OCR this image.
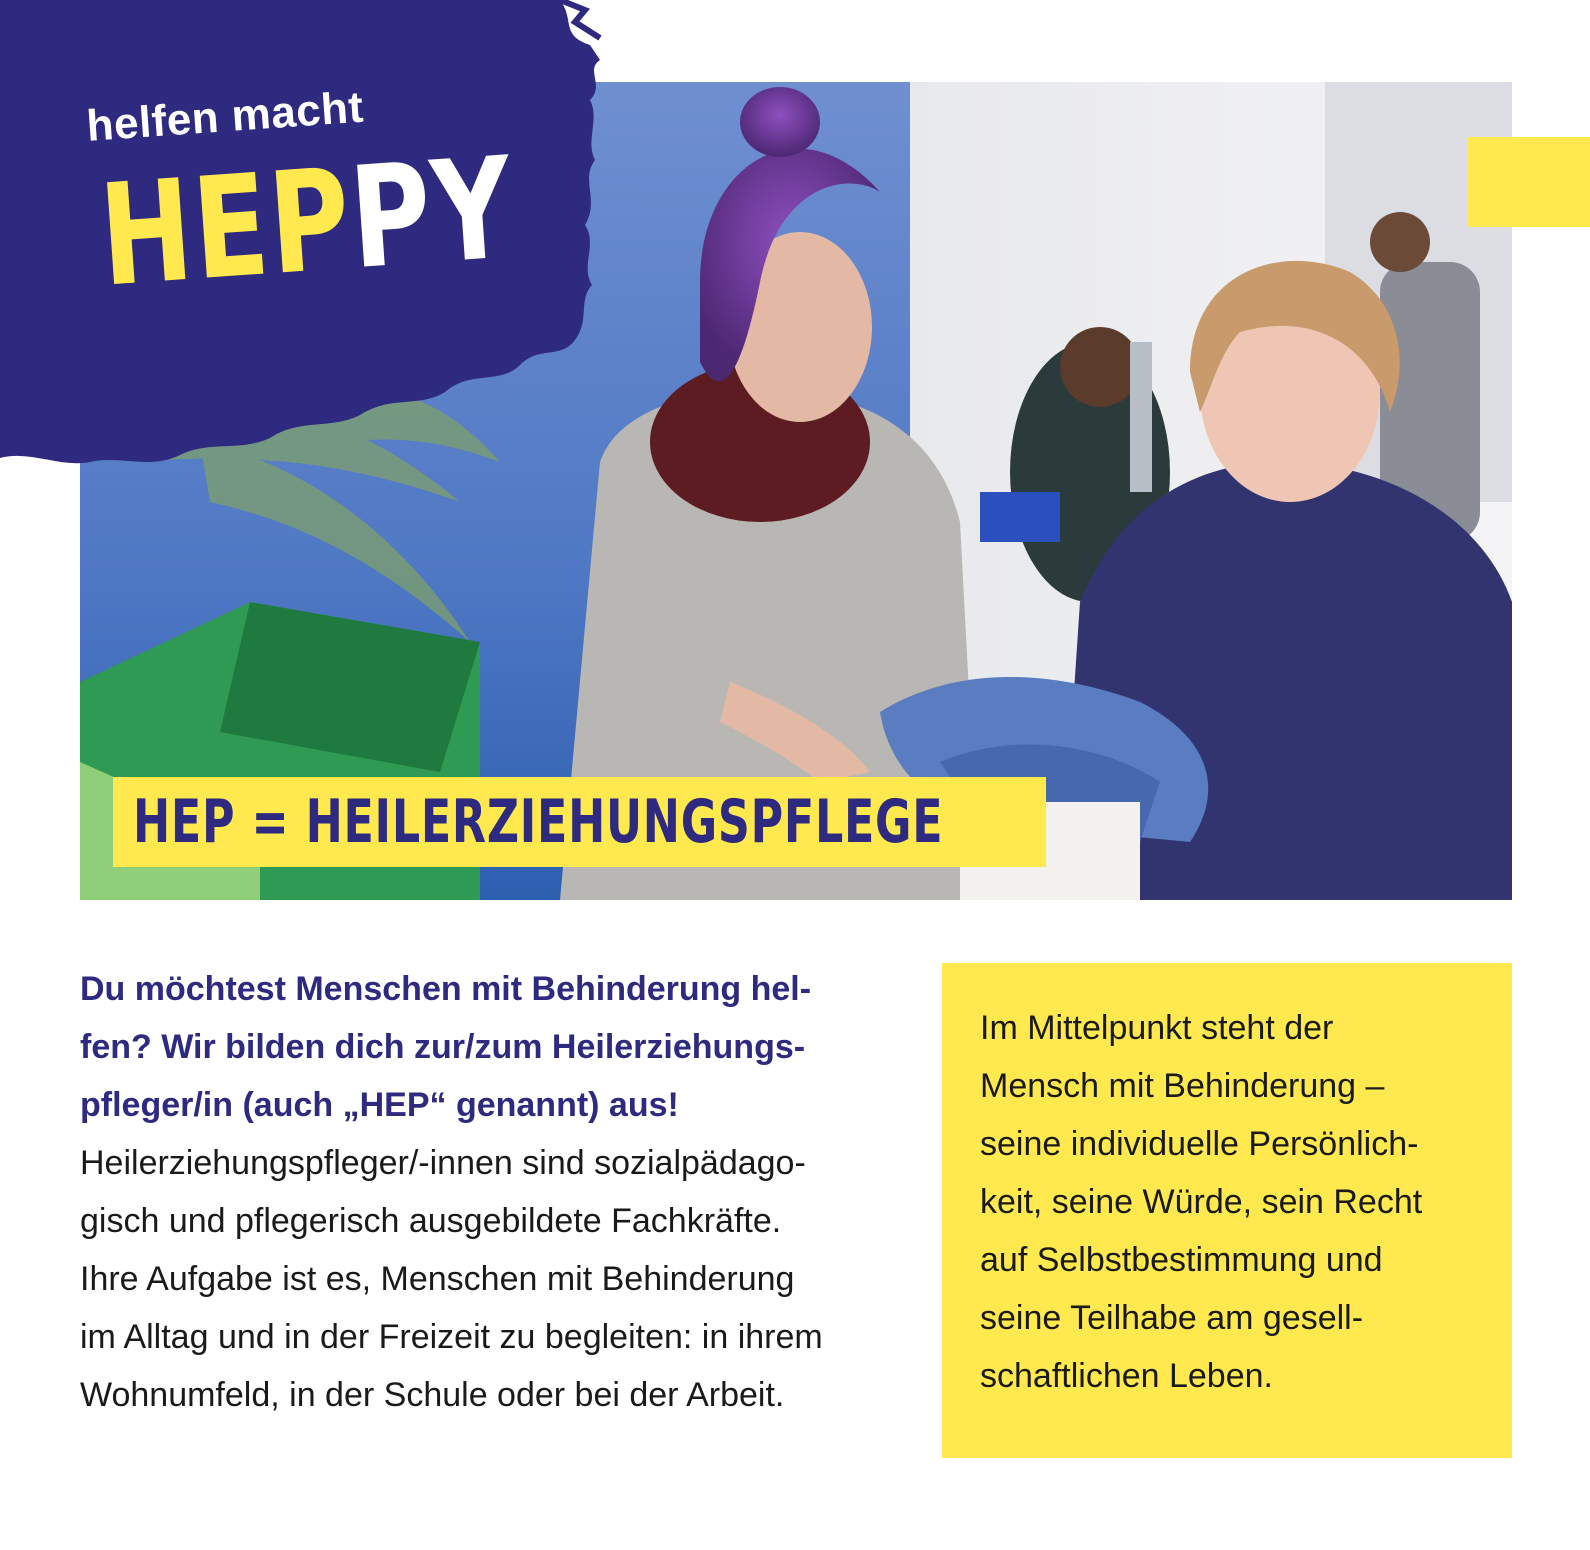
helfen macht
HEPPY
HEP = HEILERZIEHUNGSPFLEGE
Du möchtest Menschen mit Behinderung hel-
fen? Wir bilden dich zur/zum Heilerziehungs-
pfleger/in (auch „HEP“ genannt) aus!
Heilerziehungspfleger/-innen sind sozialpädago-
gisch und pflegerisch ausgebildete Fachkräfte.
Ihre Aufgabe ist es, Menschen mit Behinderung
im Alltag und in der Freizeit zu begleiten: in ihrem
Wohnumfeld, in der Schule oder bei der Arbeit.
Im Mittelpunkt steht der
Mensch mit Behinderung –
seine individuelle Persönlich-
keit, seine Würde, sein Recht
auf Selbstbestimmung und
seine Teilhabe am gesell-
schaftlichen Leben.
